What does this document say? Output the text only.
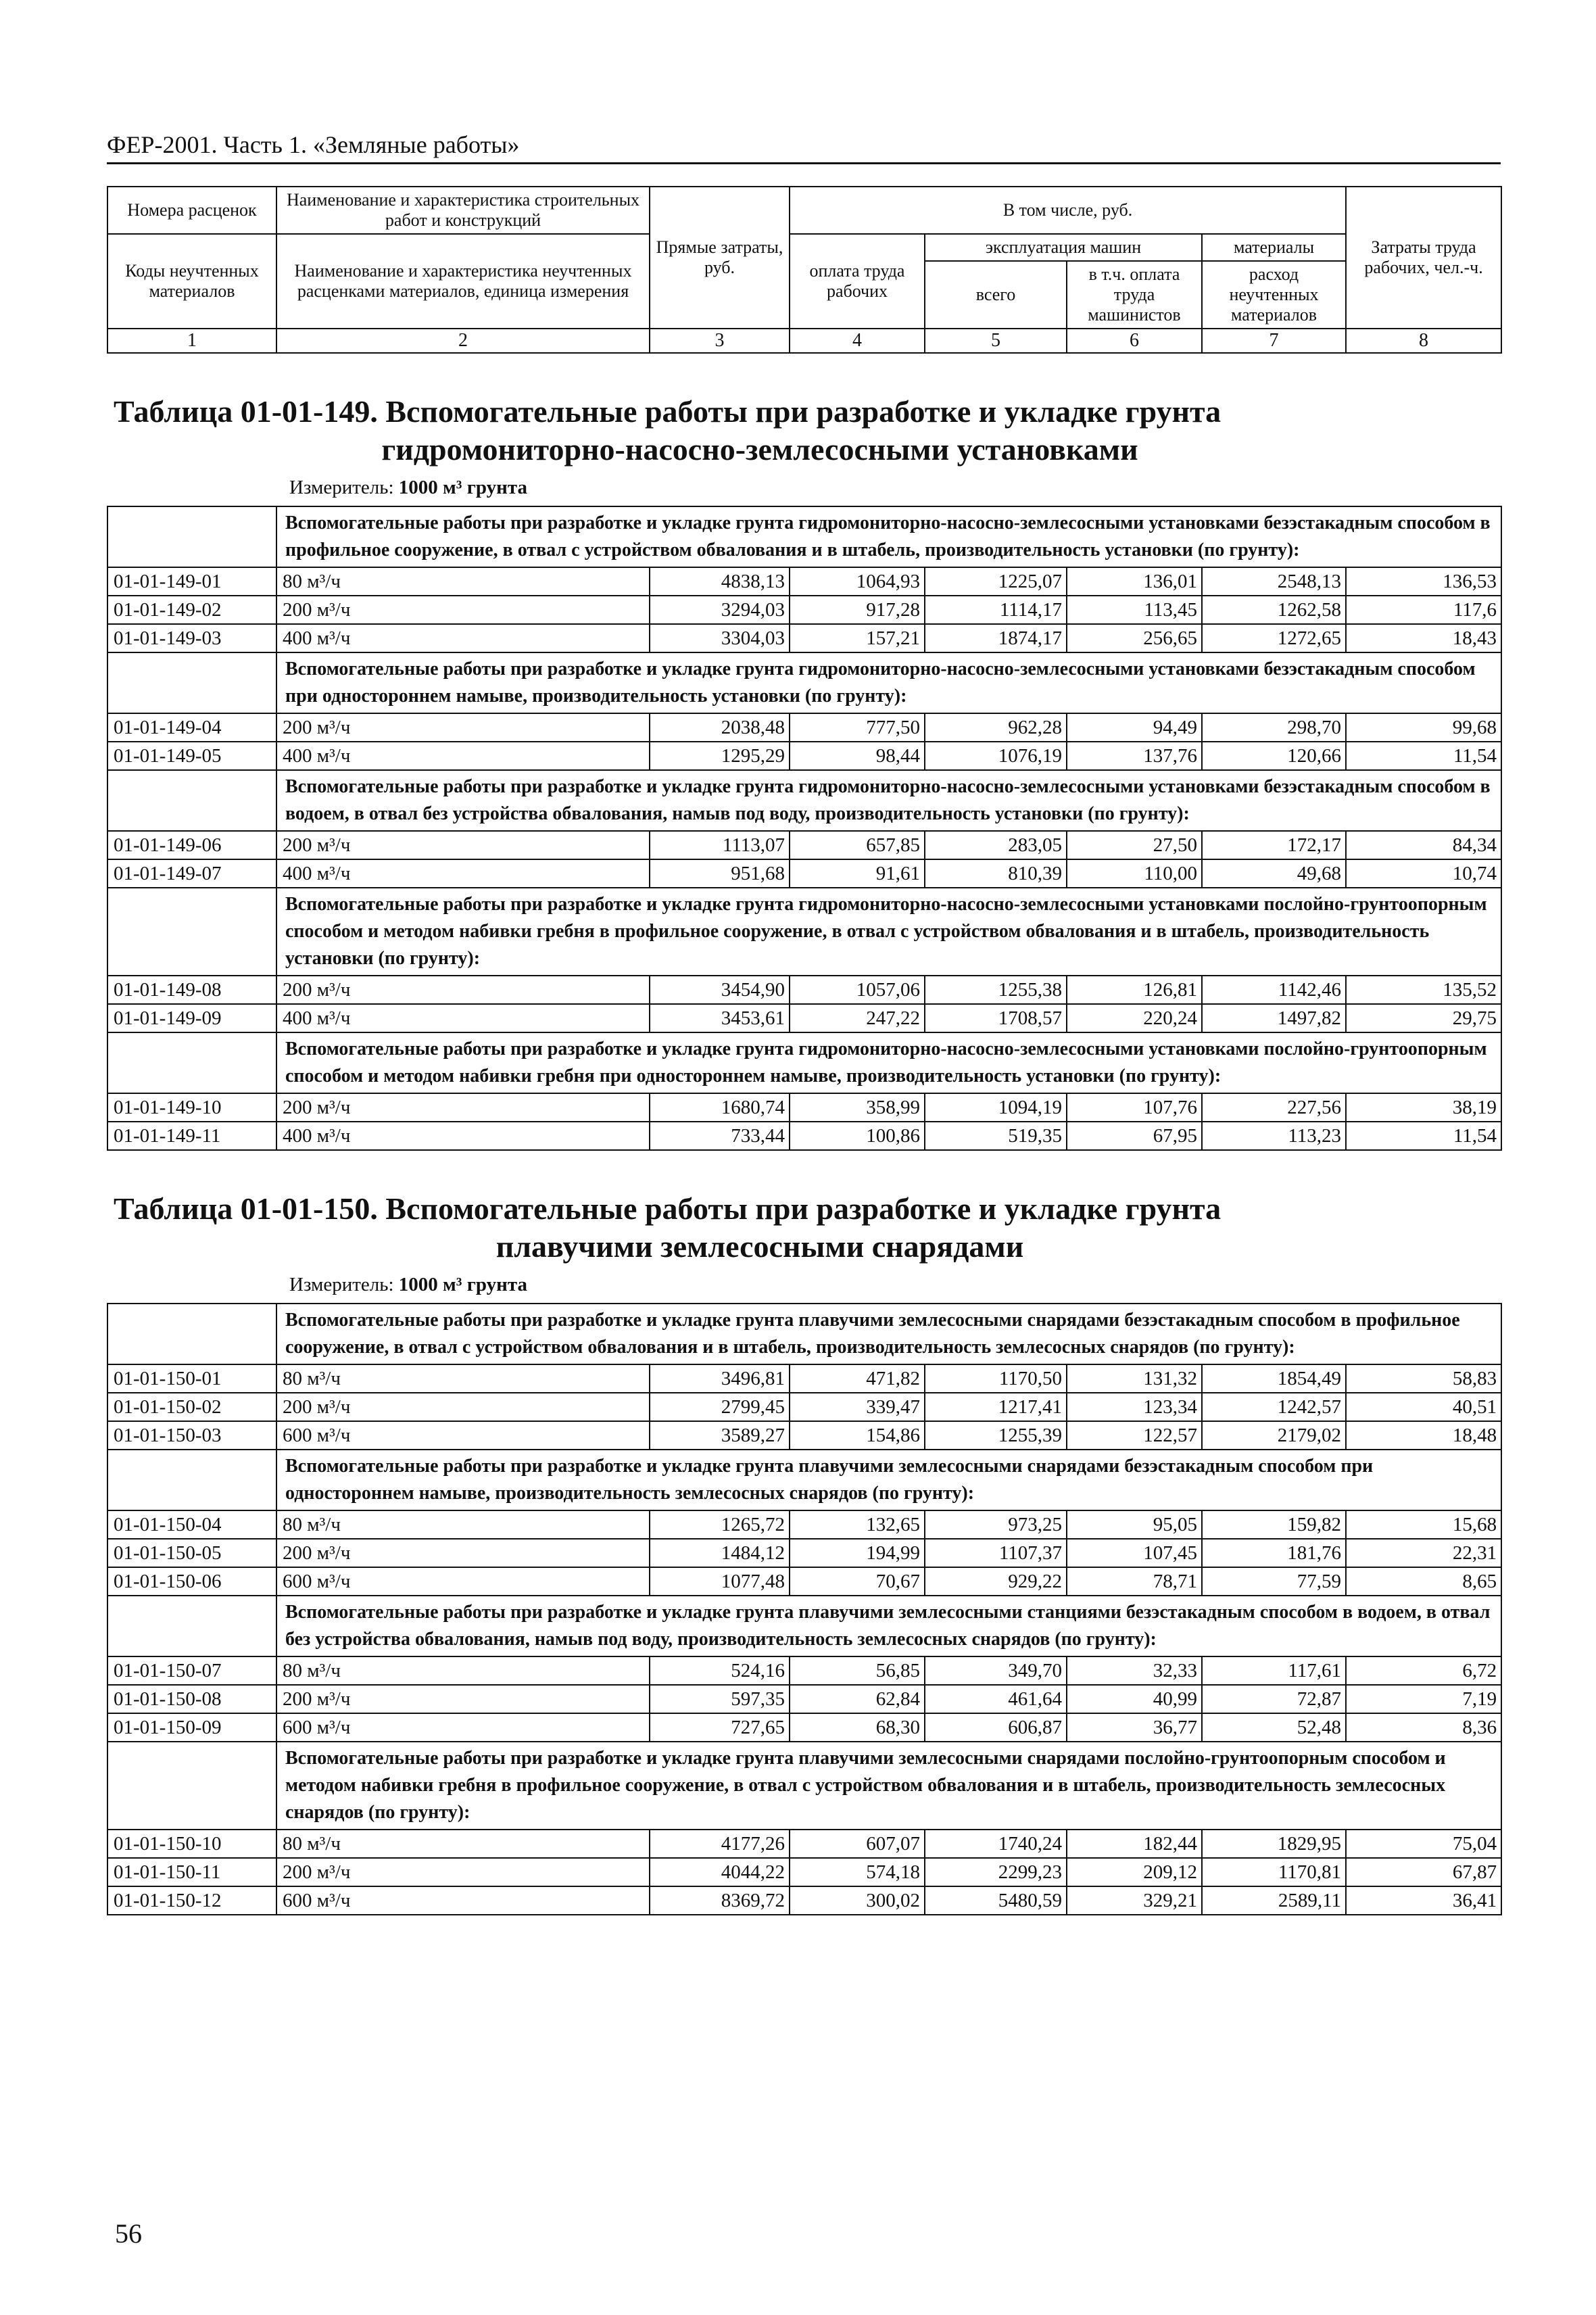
ФЕР-2001. Часть 1. «Земляные работы»
Номера расценок	Наименование и характеристика строительных работ и конструкций	Прямые затраты, руб.	В том числе, руб.				Затраты труда рабочих, чел.-ч.
Коды неучтенных материалов	Наименование и характеристика неучтенных расценками материалов, единица измерения		оплата труда рабочих	эксплуатация машин		материалы	
				всего	в т.ч. оплата труда машинистов	расход неучтенных материалов	
1	2	3	4	5	6	7	8
Таблица 01-01-149. Вспомогательные работы при разработке и укладке грунта
гидромониторно-насосно-землесосными установками
Измеритель: 1000 м³ грунта
	Вспомогательные работы при разработке и укладке грунта гидромониторно-насосно-землесосными установками безэстакадным способом в профильное сооружение, в отвал с устройством обвалования и в штабель, производительность установки (по грунту):						
01-01-149-01	80 м³/ч	4838,13	1064,93	1225,07	136,01	2548,13	136,53
01-01-149-02	200 м³/ч	3294,03	917,28	1114,17	113,45	1262,58	117,6
01-01-149-03	400 м³/ч	3304,03	157,21	1874,17	256,65	1272,65	18,43
	Вспомогательные работы при разработке и укладке грунта гидромониторно-насосно-землесосными установками безэстакадным способом при одностороннем намыве, производительность установки (по грунту):						
01-01-149-04	200 м³/ч	2038,48	777,50	962,28	94,49	298,70	99,68
01-01-149-05	400 м³/ч	1295,29	98,44	1076,19	137,76	120,66	11,54
	Вспомогательные работы при разработке и укладке грунта гидромониторно-насосно-землесосными установками безэстакадным способом в водоем, в отвал без устройства обвалования, намыв под воду, производительность установки (по грунту):						
01-01-149-06	200 м³/ч	1113,07	657,85	283,05	27,50	172,17	84,34
01-01-149-07	400 м³/ч	951,68	91,61	810,39	110,00	49,68	10,74
	Вспомогательные работы при разработке и укладке грунта гидромониторно-насосно-землесосными установками послойно-грунтоопорным способом и методом набивки гребня в профильное сооружение, в отвал с устройством обвалования и в штабель, производительность установки (по грунту):						
01-01-149-08	200 м³/ч	3454,90	1057,06	1255,38	126,81	1142,46	135,52
01-01-149-09	400 м³/ч	3453,61	247,22	1708,57	220,24	1497,82	29,75
	Вспомогательные работы при разработке и укладке грунта гидромониторно-насосно-землесосными установками послойно-грунтоопорным способом и методом набивки гребня при одностороннем намыве, производительность установки (по грунту):						
01-01-149-10	200 м³/ч	1680,74	358,99	1094,19	107,76	227,56	38,19
01-01-149-11	400 м³/ч	733,44	100,86	519,35	67,95	113,23	11,54
Таблица 01-01-150. Вспомогательные работы при разработке и укладке грунта
плавучими землесосными снарядами
Измеритель: 1000 м³ грунта
	Вспомогательные работы при разработке и укладке грунта плавучими землесосными снарядами безэстакадным способом в профильное сооружение, в отвал с устройством обвалования и в штабель, производительность землесосных снарядов (по грунту):						
01-01-150-01	80 м³/ч	3496,81	471,82	1170,50	131,32	1854,49	58,83
01-01-150-02	200 м³/ч	2799,45	339,47	1217,41	123,34	1242,57	40,51
01-01-150-03	600 м³/ч	3589,27	154,86	1255,39	122,57	2179,02	18,48
	Вспомогательные работы при разработке и укладке грунта плавучими землесосными снарядами безэстакадным способом при одностороннем намыве, производительность землесосных снарядов (по грунту):						
01-01-150-04	80 м³/ч	1265,72	132,65	973,25	95,05	159,82	15,68
01-01-150-05	200 м³/ч	1484,12	194,99	1107,37	107,45	181,76	22,31
01-01-150-06	600 м³/ч	1077,48	70,67	929,22	78,71	77,59	8,65
	Вспомогательные работы при разработке и укладке грунта плавучими землесосными станциями безэстакадным способом в водоем, в отвал без устройства обвалования, намыв под воду, производительность землесосных снарядов (по грунту):						
01-01-150-07	80 м³/ч	524,16	56,85	349,70	32,33	117,61	6,72
01-01-150-08	200 м³/ч	597,35	62,84	461,64	40,99	72,87	7,19
01-01-150-09	600 м³/ч	727,65	68,30	606,87	36,77	52,48	8,36
	Вспомогательные работы при разработке и укладке грунта плавучими землесосными снарядами послойно-грунтоопорным способом и методом набивки гребня в профильное сооружение, в отвал с устройством обвалования и в штабель, производительность землесосных снарядов (по грунту):						
01-01-150-10	80 м³/ч	4177,26	607,07	1740,24	182,44	1829,95	75,04
01-01-150-11	200 м³/ч	4044,22	574,18	2299,23	209,12	1170,81	67,87
01-01-150-12	600 м³/ч	8369,72	300,02	5480,59	329,21	2589,11	36,41
56
